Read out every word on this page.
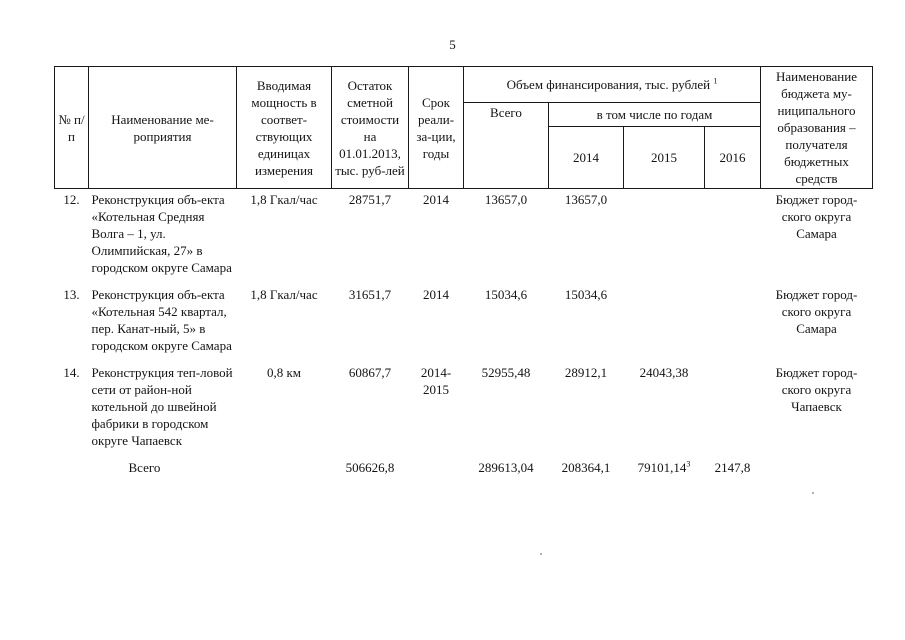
5
№ п/п	Наименование ме-роприятия	Вводимая мощность в соответ-ствующих единицах измерения	Остаток сметной стоимости на 01.01.2013, тыс. руб-лей	Срок реали-за-ции, годы	Объем финансирования, тыс. рублей $^1$				Наименование бюджета му-ниципального образования – получателя бюджетных средств
					Всего	в том числе по годам			
						2014	2015	2016	
12.	Реконструкция объ-екта «Котельная Средняя Волга – 1, ул. Олимпийская, 27» в городском округе Самара	1,8 Гкал/час	28751,7	2014	13657,0	13657,0			Бюджет город-ского округа Самара
13.	Реконструкция объ-екта «Котельная 542 квартал, пер. Канат-ный, 5» в городском округе Самара	1,8 Гкал/час	31651,7	2014	15034,6	15034,6			Бюджет город-ского округа Самара
14.	Реконструкция теп-ловой сети от район-ной котельной до швейной фабрики в городском округе Чапаевск	0,8 км	60867,7	2014-2015	52955,48	28912,1	24043,38		Бюджет город-ского округа Чапаевск
	Всего		506626,8		289613,04	208364,1	79101,14$^3$	2147,8	
